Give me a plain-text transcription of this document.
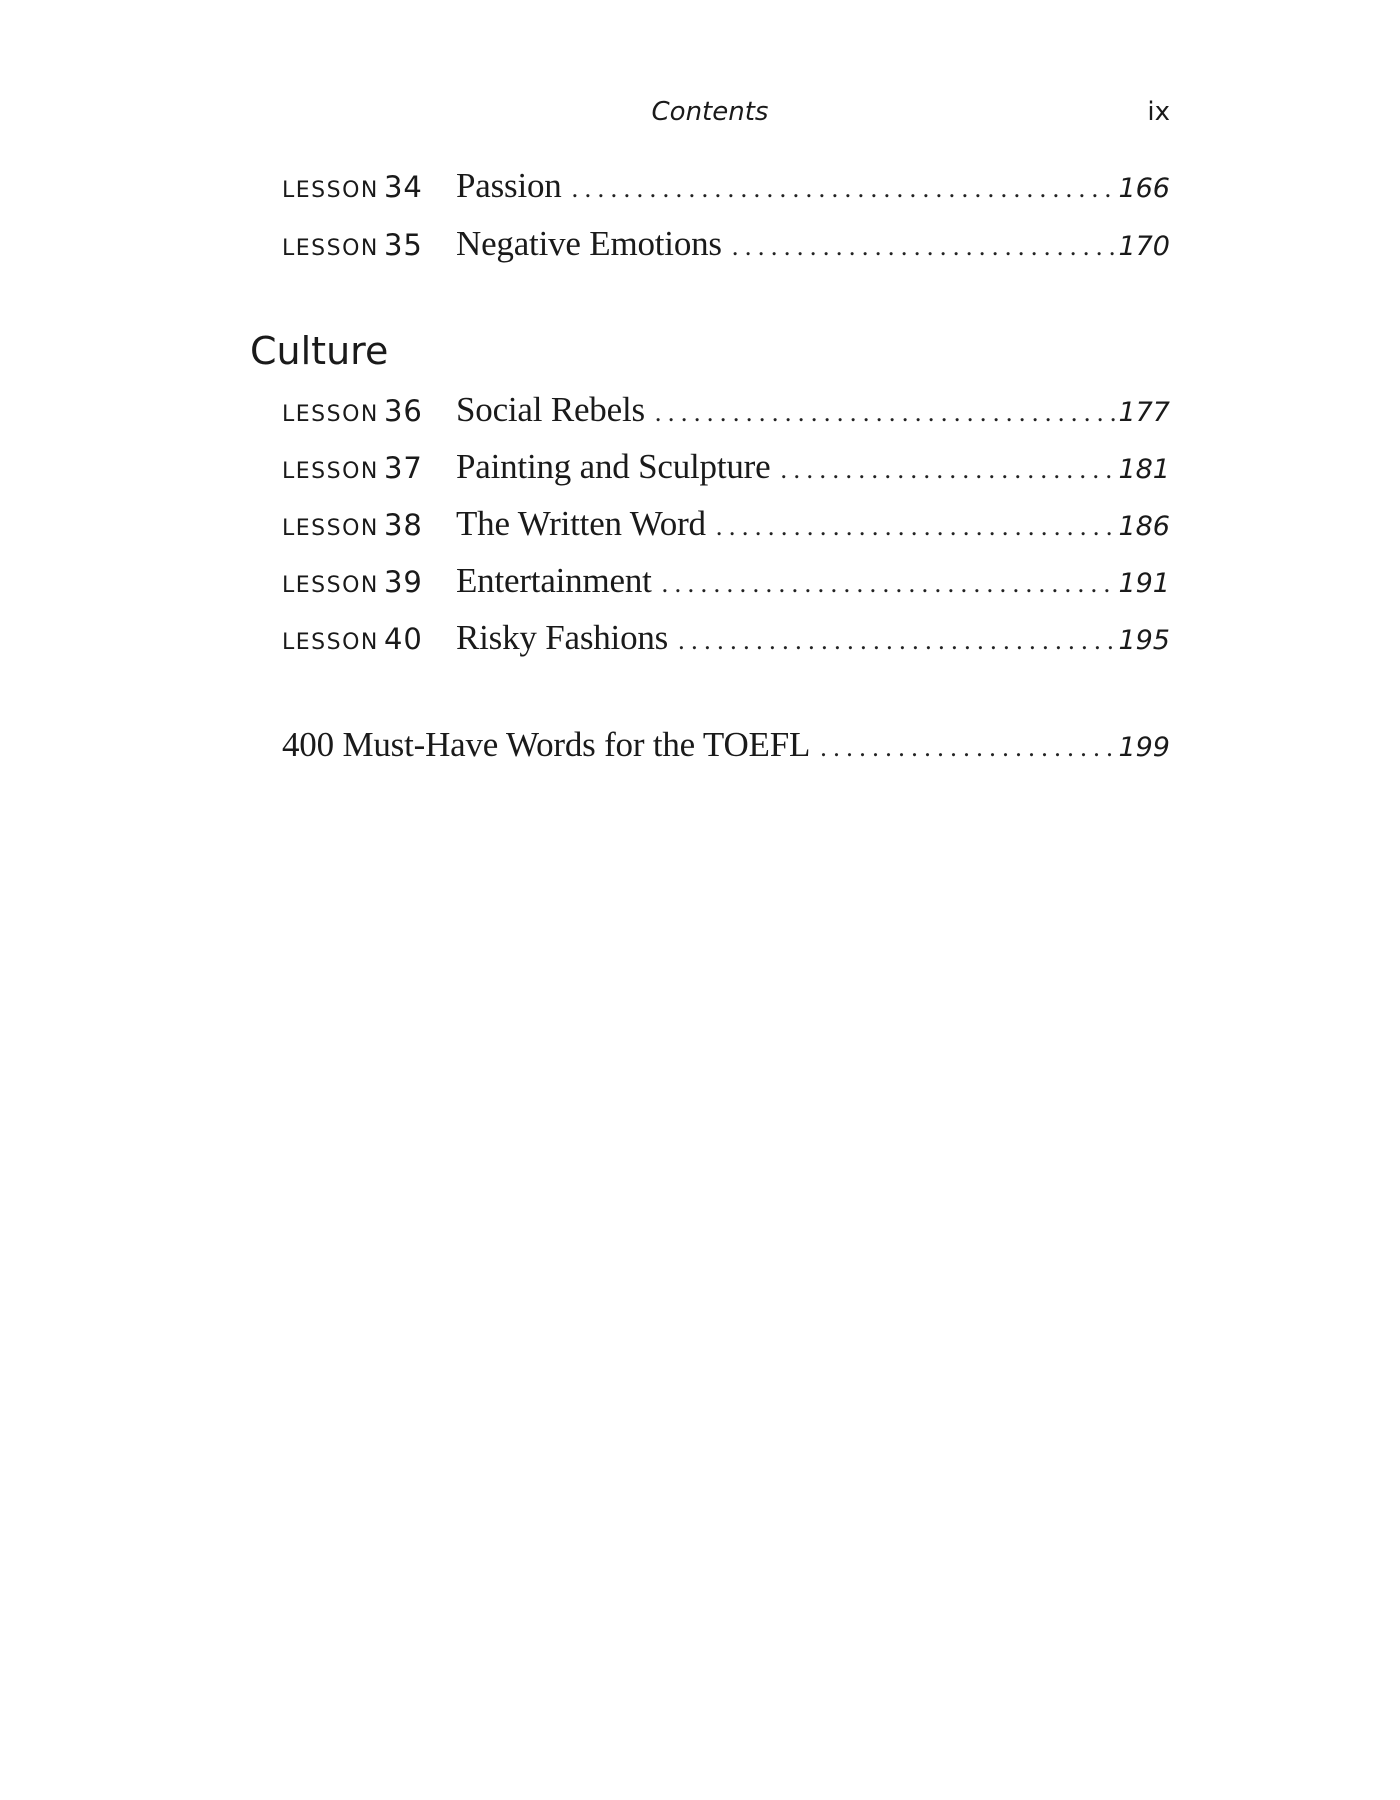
Contents	ix
LESSON 34 Passion . . .	166
LESSON 35 Negative Emotions . . .	170
Culture
LESSON 36 Social Rebels . . .	177
LESSON 37 Painting and Sculpture . . .	181
LESSON 38 The Written Word . . .	186
LESSON 39 Entertainment . . .	191
LESSON 40 Risky Fashions . . .	195
400 Must-Have Words for the TOEFL . . .	199
